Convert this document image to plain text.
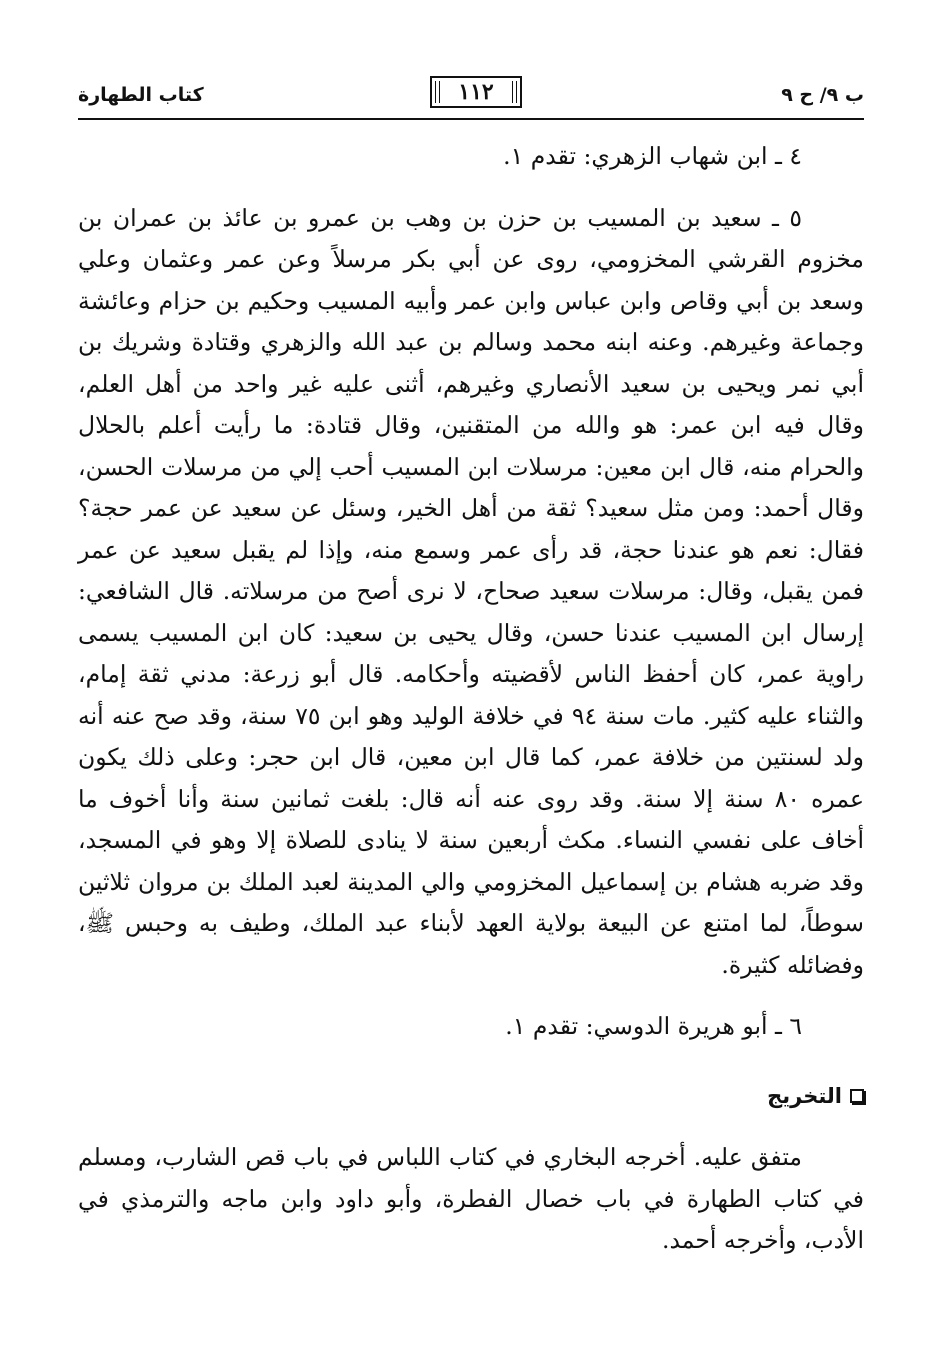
كتاب الطهارة	١١٢	ب ٩/ ح ٩

٤ ـ ابن شهاب الزهري: تقدم ١.

٥ ـ سعيد بن المسيب بن حزن بن وهب بن عمرو بن عائذ بن عمران بن مخزوم القرشي المخزومي، روى عن أبي بكر مرسلاً وعن عمر وعثمان وعلي وسعد بن أبي وقاص وابن عباس وابن عمر وأبيه المسيب وحكيم بن حزام وعائشة وجماعة وغيرهم. وعنه ابنه محمد وسالم بن عبد الله والزهري وقتادة وشريك بن أبي نمر ويحيى بن سعيد الأنصاري وغيرهم، أثنى عليه غير واحد من أهل العلم، وقال فيه ابن عمر: هو والله من المتقنين، وقال قتادة: ما رأيت أعلم بالحلال والحرام منه، قال ابن معين: مرسلات ابن المسيب أحب إلي من مرسلات الحسن، وقال أحمد: ومن مثل سعيد؟ ثقة من أهل الخير، وسئل عن سعيد عن عمر حجة؟ فقال: نعم هو عندنا حجة، قد رأى عمر وسمع منه، وإذا لم يقبل سعيد عن عمر فمن يقبل، وقال: مرسلات سعيد صحاح، لا نرى أصح من مرسلاته. قال الشافعي: إرسال ابن المسيب عندنا حسن، وقال يحيى بن سعيد: كان ابن المسيب يسمى راوية عمر، كان أحفظ الناس لأقضيته وأحكامه. قال أبو زرعة: مدني ثقة إمام، والثناء عليه كثير. مات سنة ٩٤ في خلافة الوليد وهو ابن ٧٥ سنة، وقد صح عنه أنه ولد لسنتين من خلافة عمر، كما قال ابن معين، قال ابن حجر: وعلى ذلك يكون عمره ٨٠ سنة إلا سنة. وقد روى عنه أنه قال: بلغت ثمانين سنة وأنا أخوف ما أخاف على نفسي النساء. مكث أربعين سنة لا ينادى للصلاة إلا وهو في المسجد، وقد ضربه هشام بن إسماعيل المخزومي والي المدينة لعبد الملك بن مروان ثلاثين سوطاً، لما امتنع عن البيعة بولاية العهد لأبناء عبد الملك، وطيف به وحبس ﷺ، وفضائله كثيرة.

٦ ـ أبو هريرة الدوسي: تقدم ١.

التخريج

متفق عليه. أخرجه البخاري في كتاب اللباس في باب قص الشارب، ومسلم في كتاب الطهارة في باب خصال الفطرة، وأبو داود وابن ماجه والترمذي في الأدب، وأخرجه أحمد.
